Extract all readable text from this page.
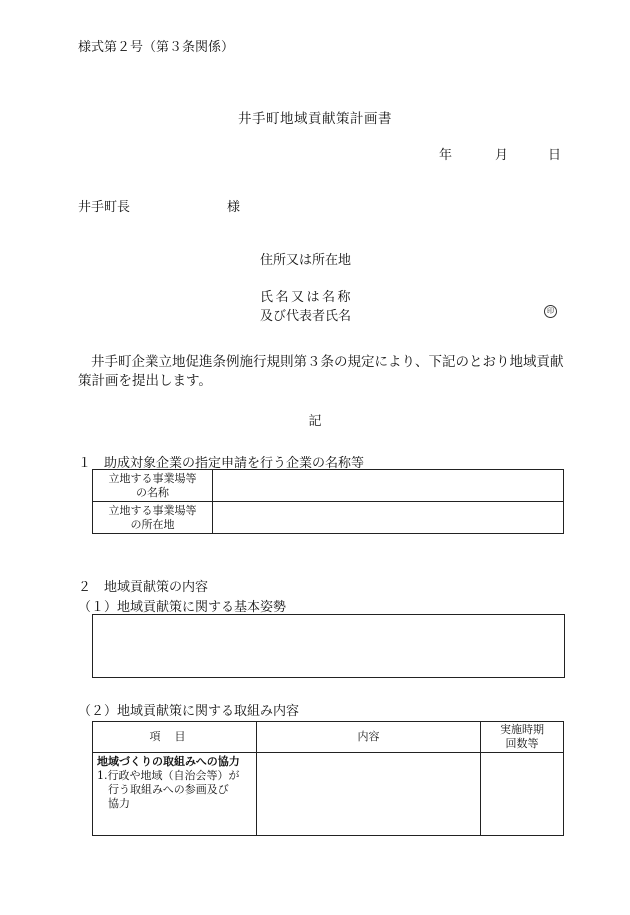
様式第２号（第３条関係）
井手町地域貢献策計画書
年	月	日
井手町長	様
住所又は所在地
氏名又は名称
及び代表者氏名	印
井手町企業立地促進条例施行規則第３条の規定により、下記のとおり地域貢献策計画を提出します。
記
１　助成対象企業の指定申請を行う企業の名称等
立地する事業場等
の名称	
立地する事業場等
の所在地	
２　地域貢献策の内容
（１）地域貢献策に関する基本姿勢
（２）地域貢献策に関する取組み内容
項目	内容	実施時期
回数等

地域づくりの取組みへの協力
1.行政や地域（自治会等）が
　行う取組みへの参画及び
　協力		
